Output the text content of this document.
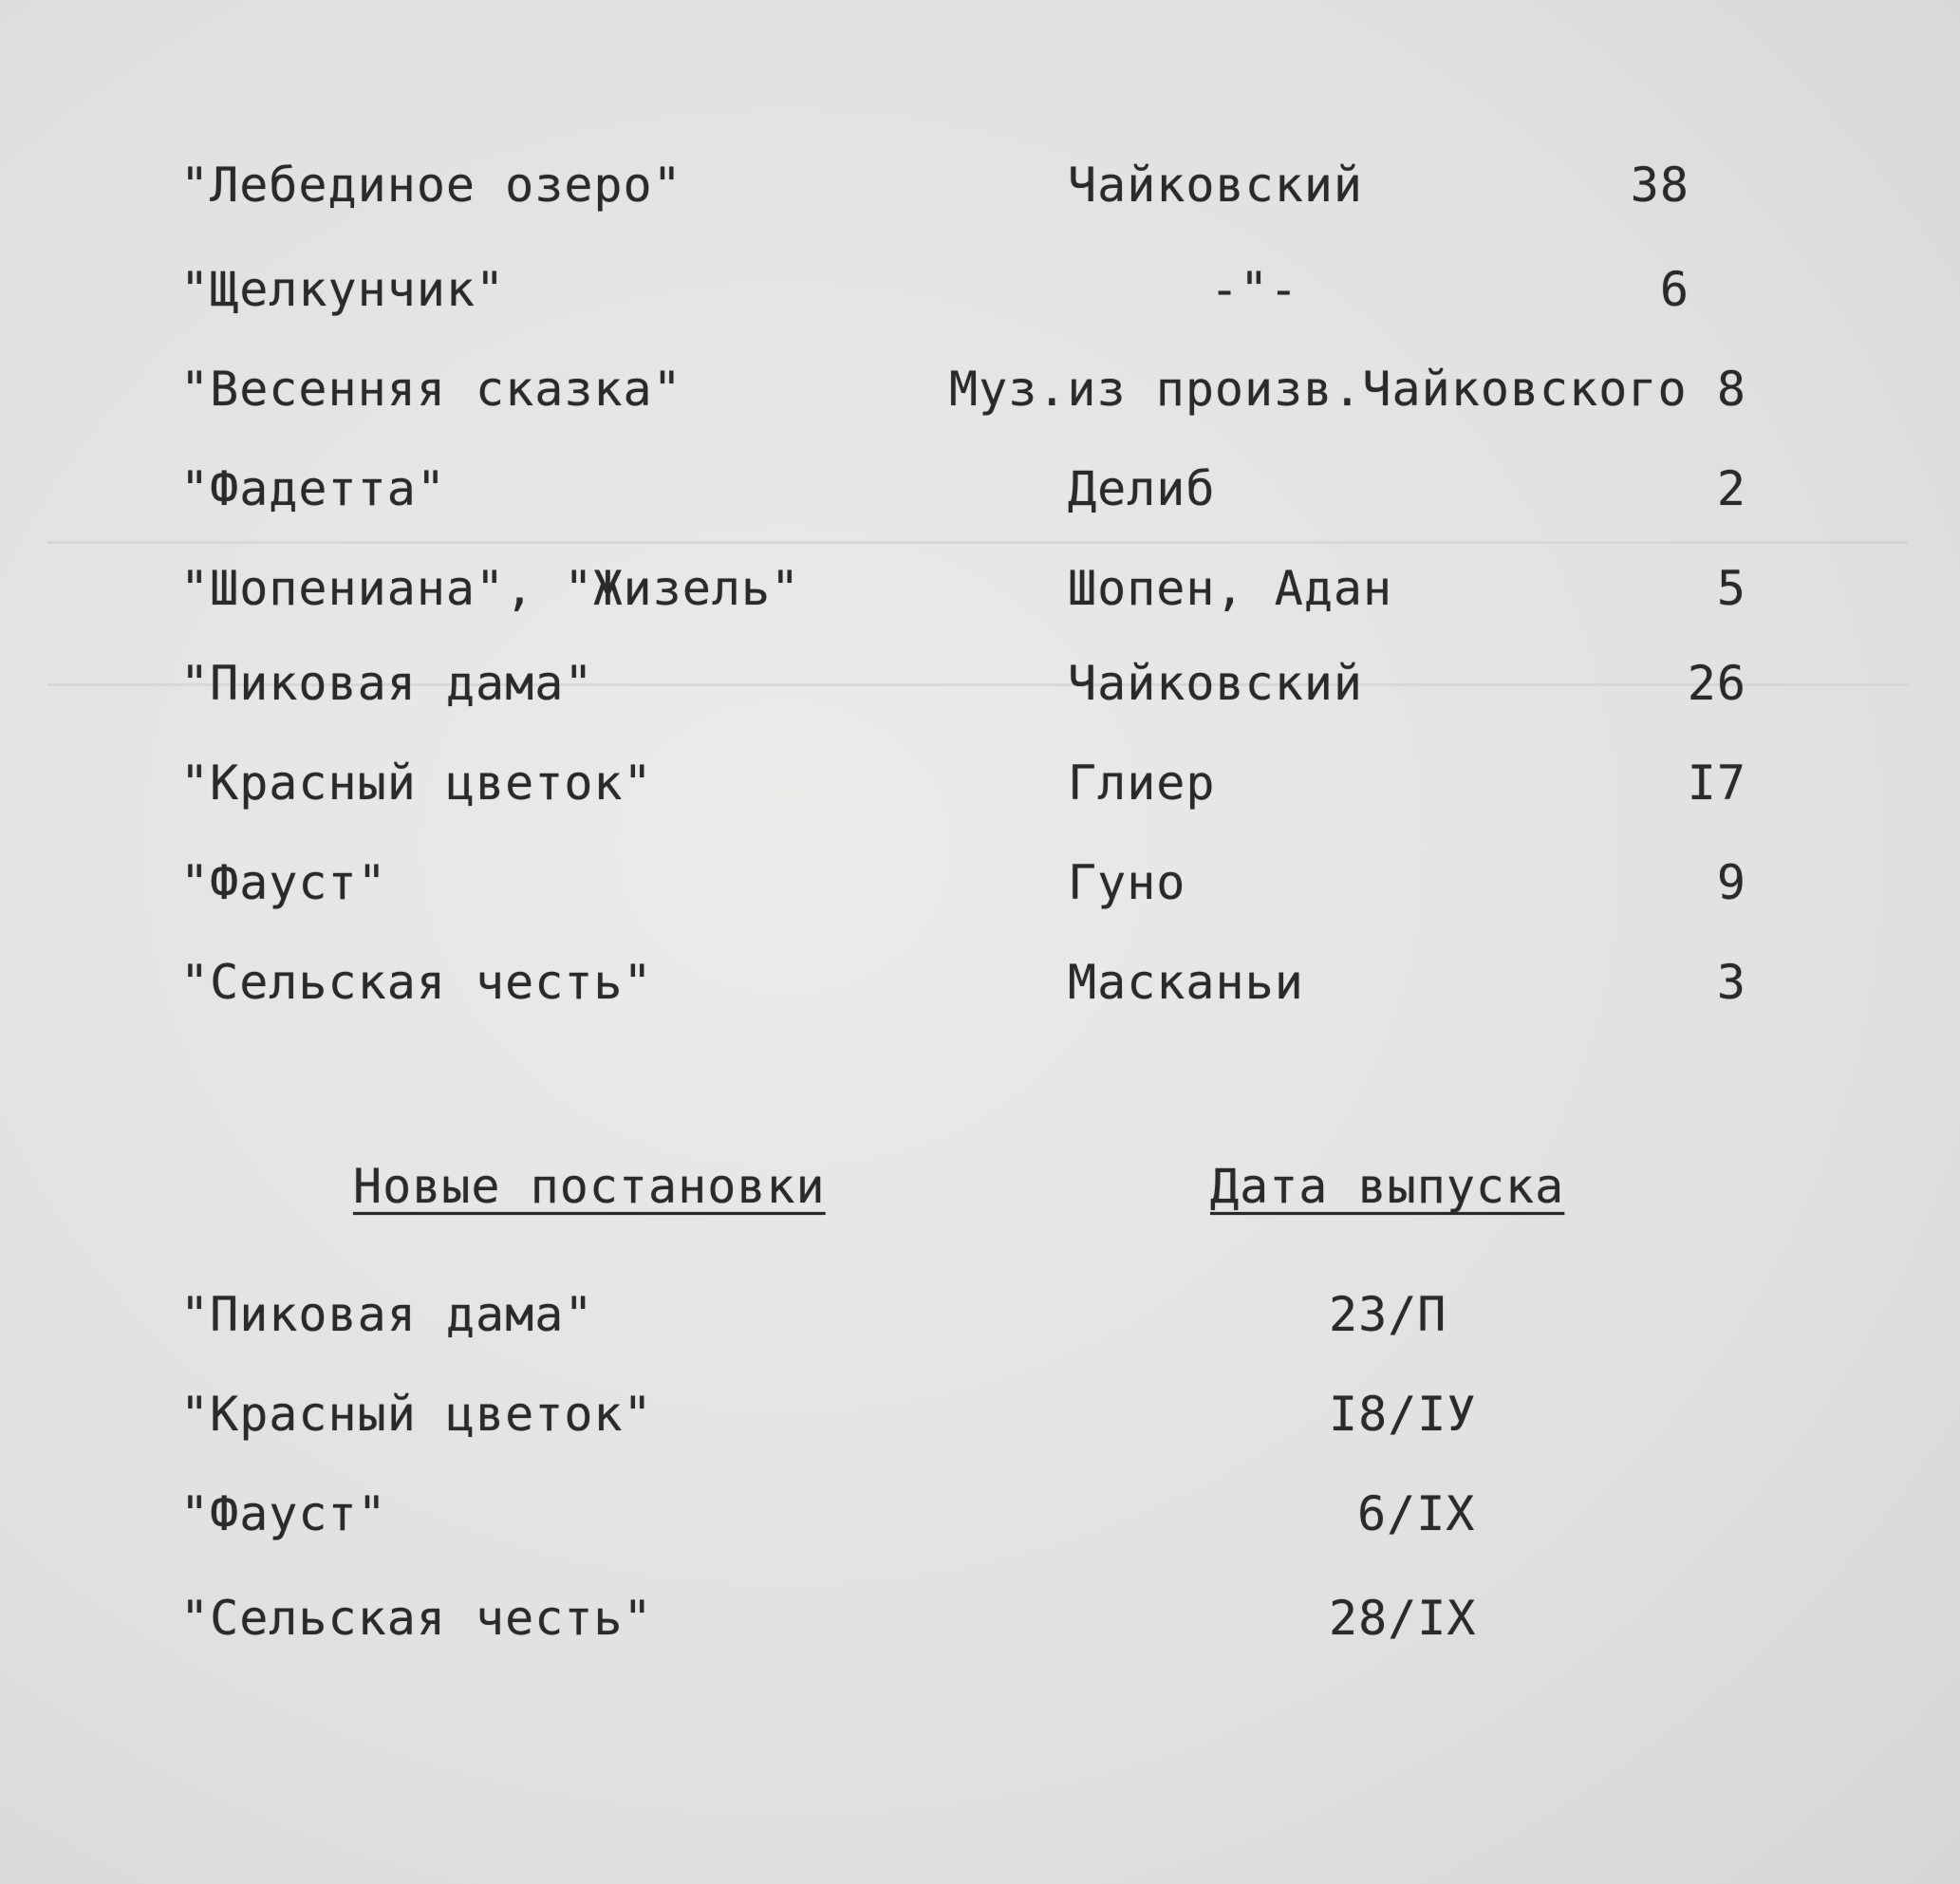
"Лебединое озеро"	Чайковский	38
"Щелкунчик"	-"-	6
"Весенняя сказка"	Муз.из произв.Чайковского 8
"Фадетта"	Делиб	2
"Шопениана", "Жизель"	Шопен, Адан	5
"Пиковая дама"	Чайковский	26
"Красный цветок"	Глиер	I7
"Фауст"	Гуно	9
"Сельская честь"	Масканьи	3
Новые постановки	Дата выпуска
"Пиковая дама"	23/П
"Красный цветок"	I8/IУ
"Фауст"	6/IX
"Сельская честь"	28/IX
